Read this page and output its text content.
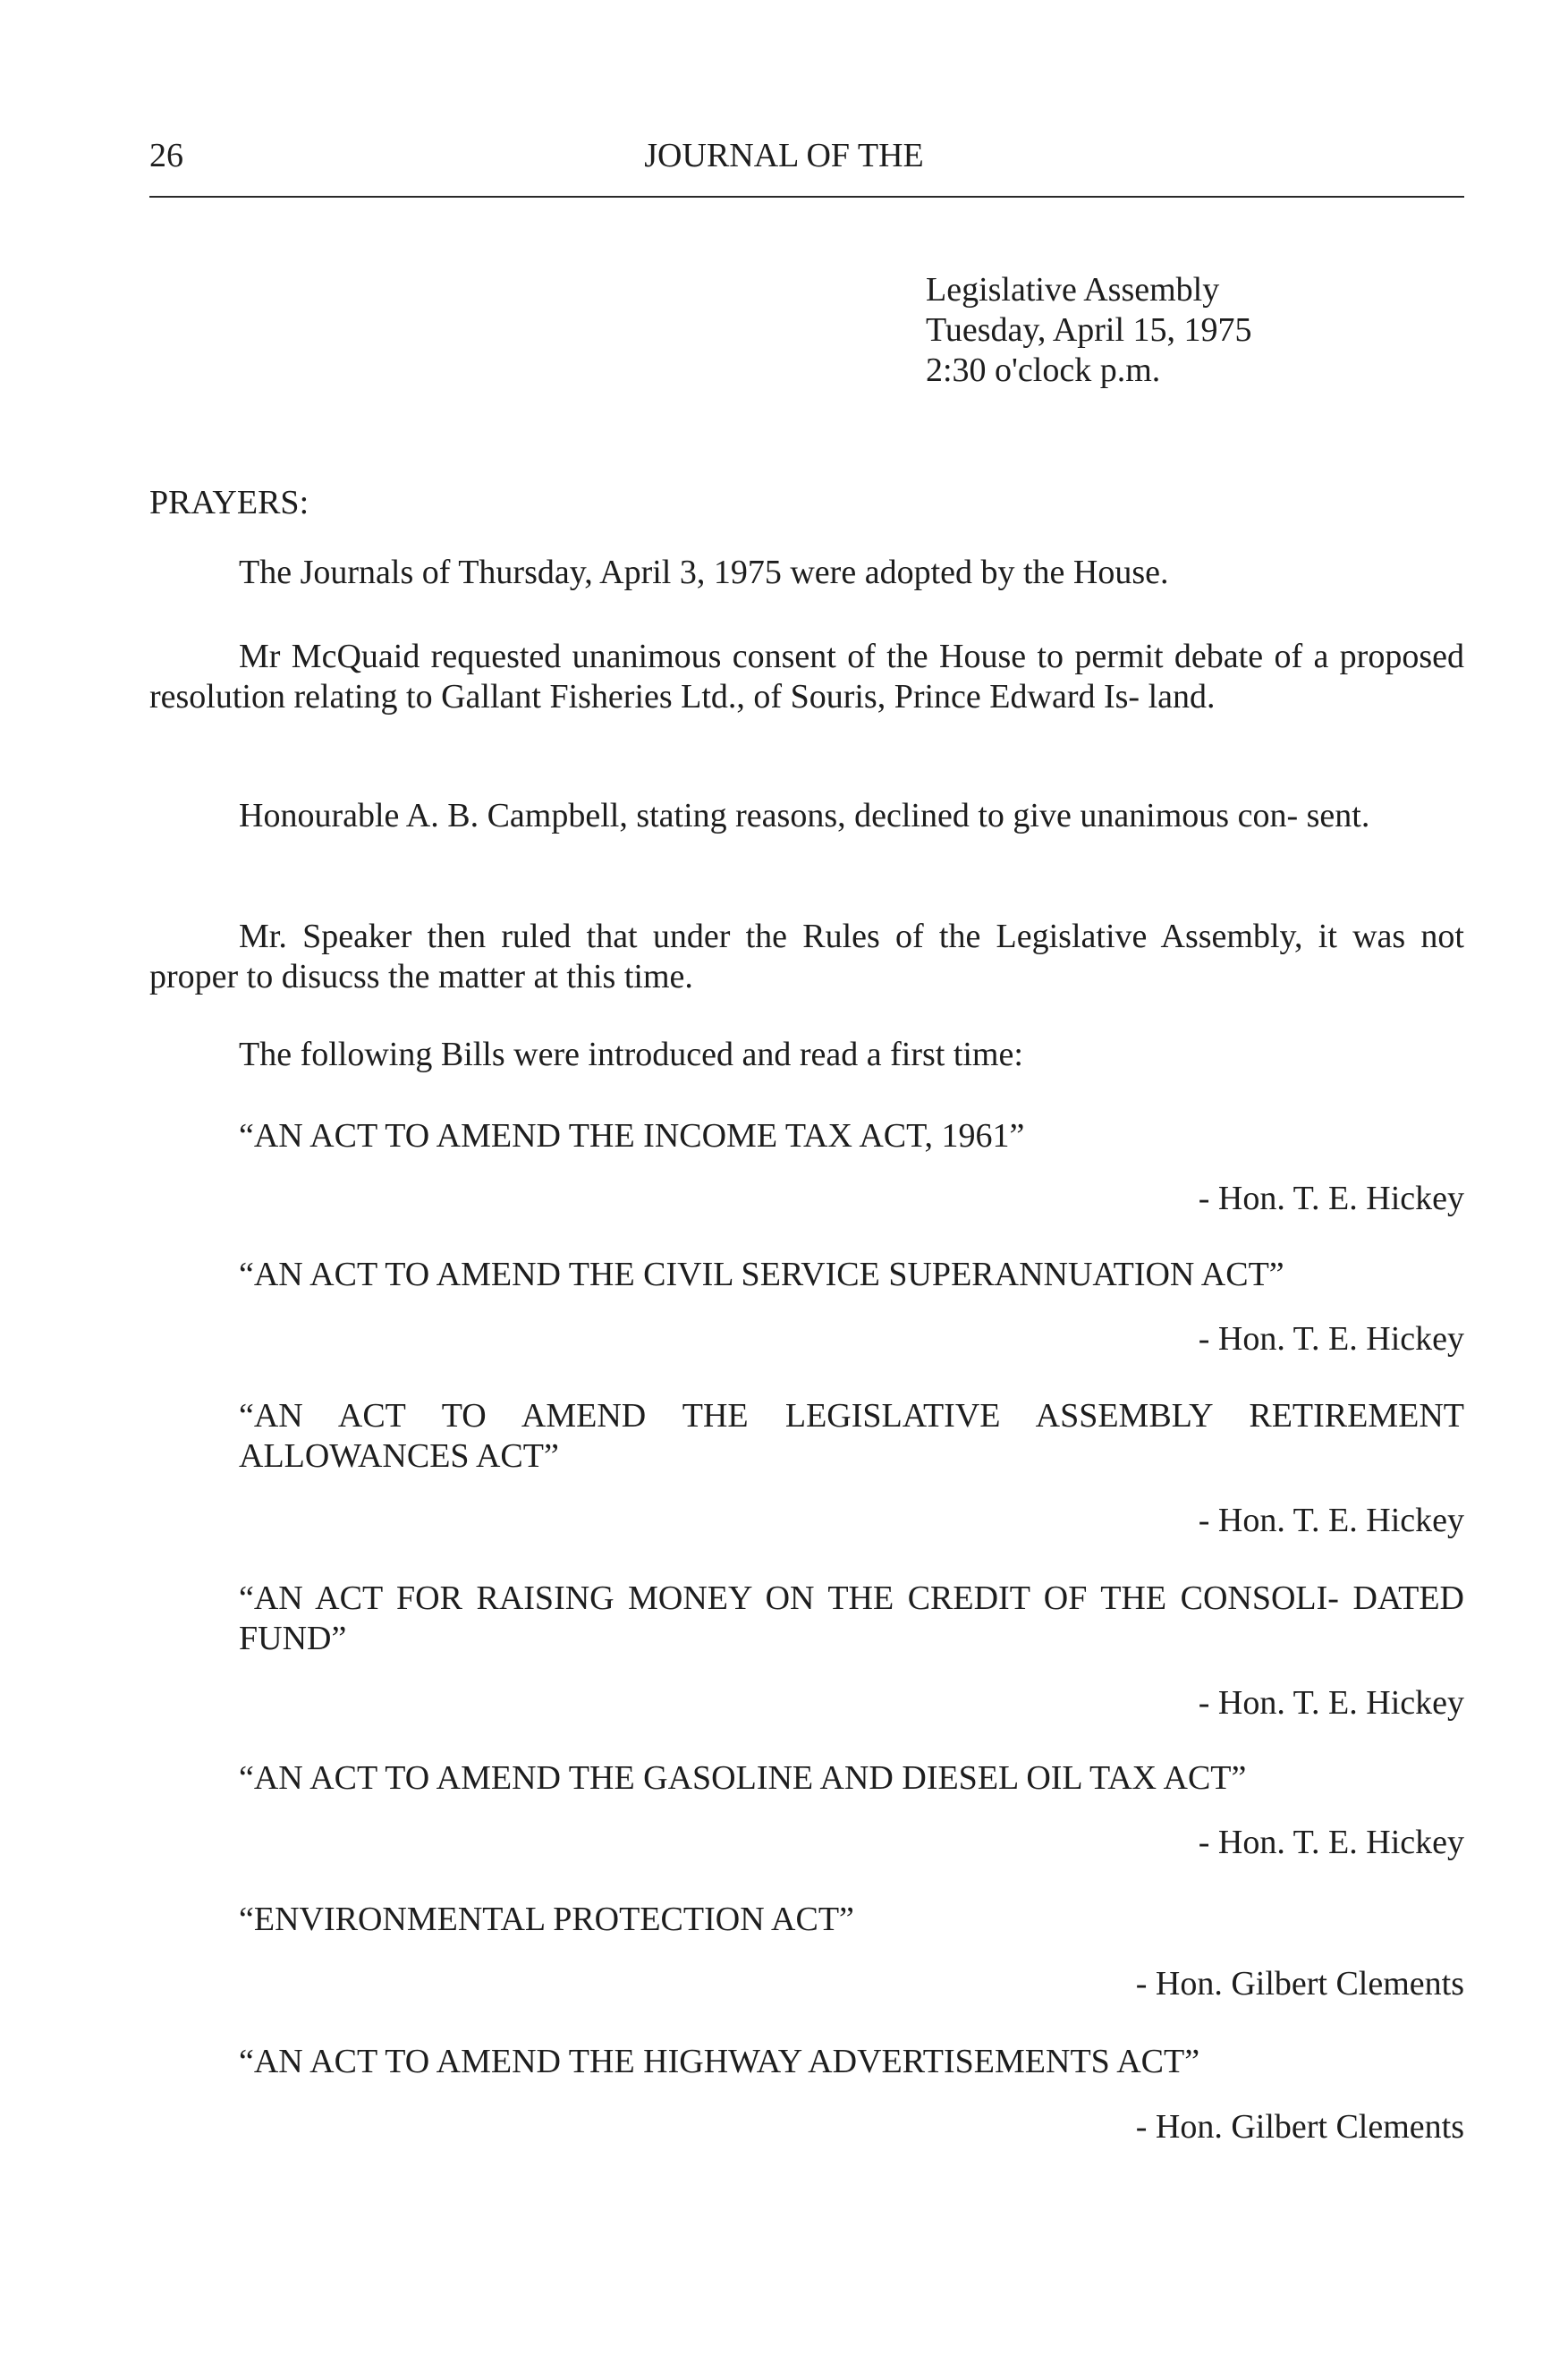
26	JOURNAL OF THE
Legislative Assembly
Tuesday, April 15, 1975
2:30 o'clock p.m.
PRAYERS:

The Journals of Thursday, April 3, 1975 were adopted by the House.

Mr McQuaid requested unanimous consent of the House to permit debate of a proposed resolution relating to Gallant Fisheries Ltd., of Souris, Prince Edward Is- land.

Honourable A. B. Campbell, stating reasons, declined to give unanimous con- sent.

Mr. Speaker then ruled that under the Rules of the Legislative Assembly, it was not proper to disucss the matter at this time.

The following Bills were introduced and read a first time:

“AN ACT TO AMEND THE INCOME TAX ACT, 1961”

- Hon. T. E. Hickey

“AN ACT TO AMEND THE CIVIL SERVICE SUPERANNUATION ACT”

- Hon. T. E. Hickey

“AN ACT TO AMEND THE LEGISLATIVE ASSEMBLY RETIREMENT ALLOWANCES ACT”

- Hon. T. E. Hickey

“AN ACT FOR RAISING MONEY ON THE CREDIT OF THE CONSOLI- DATED FUND”

- Hon. T. E. Hickey

“AN ACT TO AMEND THE GASOLINE AND DIESEL OIL TAX ACT”

- Hon. T. E. Hickey

“ENVIRONMENTAL PROTECTION ACT”

- Hon. Gilbert Clements

“AN ACT TO AMEND THE HIGHWAY ADVERTISEMENTS ACT”

- Hon. Gilbert Clements
